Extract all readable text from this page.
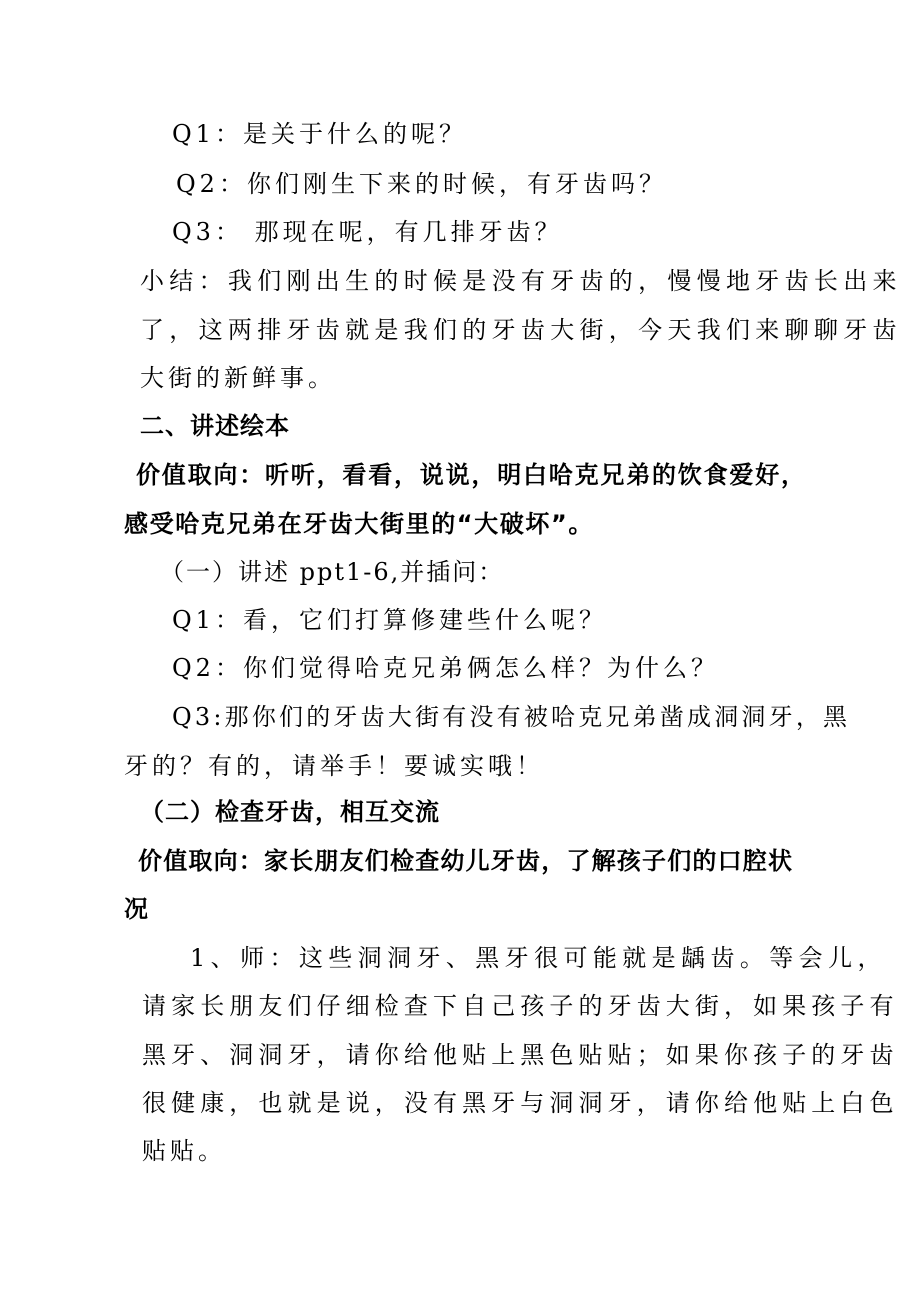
Q1：是关于什么的呢？
Q2：你们刚生下来的时候，有牙齿吗？
Q3： 那现在呢，有几排牙齿？
小结：我们刚出生的时候是没有牙齿的，慢慢地牙齿长出来
了，这两排牙齿就是我们的牙齿大街，今天我们来聊聊牙齿
大街的新鲜事。
二、讲述绘本
价值取向：听听，看看，说说，明白哈克兄弟的饮食爱好，
感受哈克兄弟在牙齿大街里的“大破坏”。
（一）讲述 ppt1-6,并插问：
Q1：看，它们打算修建些什么呢？
Q2：你们觉得哈克兄弟俩怎么样？为什么？
Q3:那你们的牙齿大街有没有被哈克兄弟凿成洞洞牙，黑
牙的？有的，请举手！要诚实哦！
（二）检查牙齿，相互交流
价值取向：家长朋友们检查幼儿牙齿，了解孩子们的口腔状
况
1、师：这些洞洞牙、黑牙很可能就是龋齿。等会儿，
请家长朋友们仔细检查下自己孩子的牙齿大街，如果孩子有
黑牙、洞洞牙，请你给他贴上黑色贴贴；如果你孩子的牙齿
很健康，也就是说，没有黑牙与洞洞牙，请你给他贴上白色
贴贴。
